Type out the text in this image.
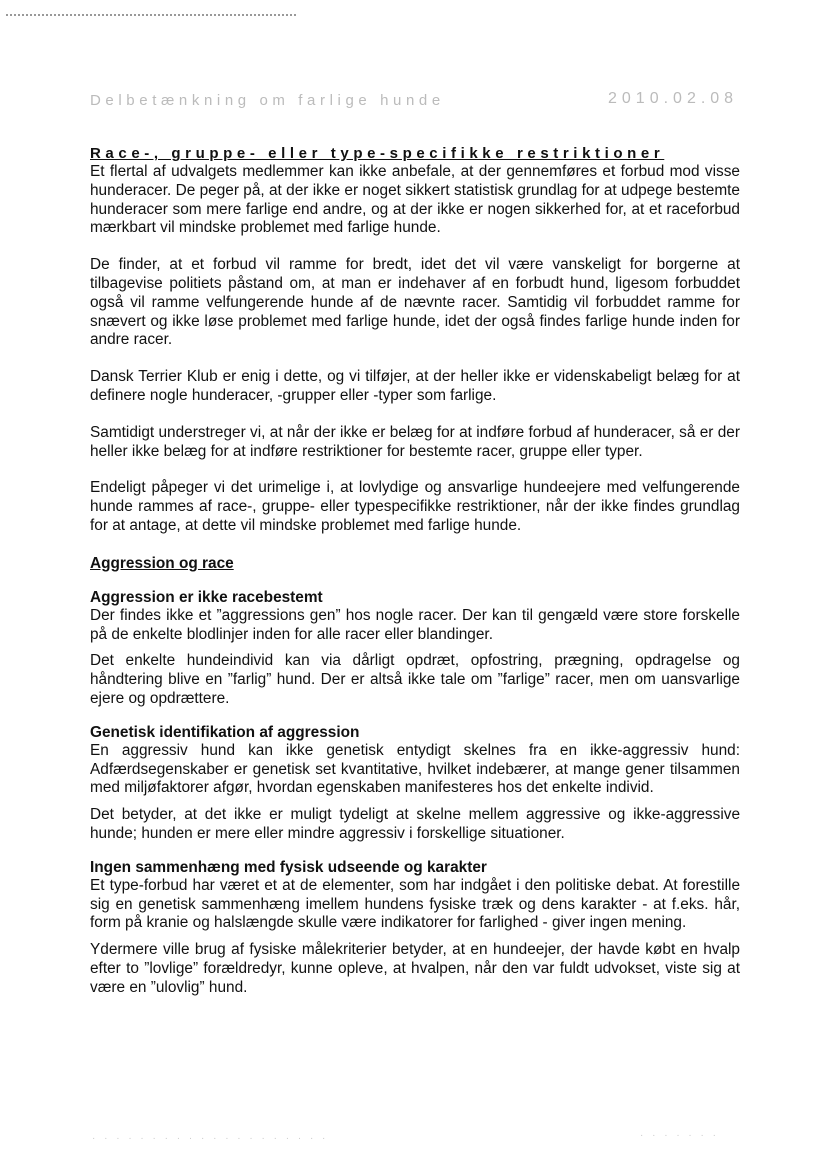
Delbetænkning om farlige hunde	2010.02.08
Race-, gruppe- eller type-specifikke restriktioner

Et flertal af udvalgets medlemmer kan ikke anbefale, at der gennemføres et forbud mod visse hunderacer. De peger på, at der ikke er noget sikkert statistisk grundlag for at udpege bestemte hunderacer som mere farlige end andre, og at der ikke er nogen sikkerhed for, at et raceforbud mærkbart vil mindske problemet med farlige hunde.

De finder, at et forbud vil ramme for bredt, idet det vil være vanskeligt for borgerne at tilbagevise politiets påstand om, at man er indehaver af en forbudt hund, ligesom forbuddet også vil ramme velfungerende hunde af de nævnte racer. Samtidig vil forbuddet ramme for snævert og ikke løse problemet med farlige hunde, idet der også findes farlige hunde inden for andre racer.

Dansk Terrier Klub er enig i dette, og vi tilføjer, at der heller ikke er videnskabeligt belæg for at definere nogle hunderacer, -grupper eller -typer som farlige.

Samtidigt understreger vi, at når der ikke er belæg for at indføre forbud af hunderacer, så er der heller ikke belæg for at indføre restriktioner for bestemte racer, gruppe eller typer.

Endeligt påpeger vi det urimelige i, at lovlydige og ansvarlige hundeejere med velfungerende hunde rammes af race-, gruppe- eller typespecifikke restriktioner, når der ikke findes grundlag for at antage, at dette vil mindske problemet med farlige hunde.

Aggression og race
Aggression er ikke racebestemt

Der findes ikke et ”aggressions gen” hos nogle racer. Der kan til gengæld være store forskelle på de enkelte blodlinjer inden for alle racer eller blandinger.

Det enkelte hundeindivid kan via dårligt opdræt, opfostring, prægning, opdragelse og håndtering blive en ”farlig” hund. Der er altså ikke tale om ”farlige” racer, men om uansvarlige ejere og opdrættere.

Genetisk identifikation af aggression

En aggressiv hund kan ikke genetisk entydigt skelnes fra en ikke-aggressiv hund: Adfærdsegenskaber er genetisk set kvantitative, hvilket indebærer, at mange gener tilsammen med miljøfaktorer afgør, hvordan egenskaben manifesteres hos det enkelte individ.

Det betyder, at det ikke er muligt tydeligt at skelne mellem aggressive og ikke-aggressive hunde; hunden er mere eller mindre aggressiv i forskellige situationer.

Ingen sammenhæng med fysisk udseende og karakter

Et type-forbud har været et at de elementer, som har indgået i den politiske debat. At forestille sig en genetisk sammenhæng imellem hundens fysiske træk og dens karakter - at f.eks. hår, form på kranie og halslængde skulle være indikatorer for farlighed - giver ingen mening.

Ydermere ville brug af fysiske målekriterier betyder, at en hundeejer, der havde købt en hvalp efter to ”lovlige” forældredyr, kunne opleve, at hvalpen, når den var fuldt udvokset, viste sig at være en ”ulovlig” hund.

· · · · · · · · · · · · · · · · · · · ·	· · · · · · ·
